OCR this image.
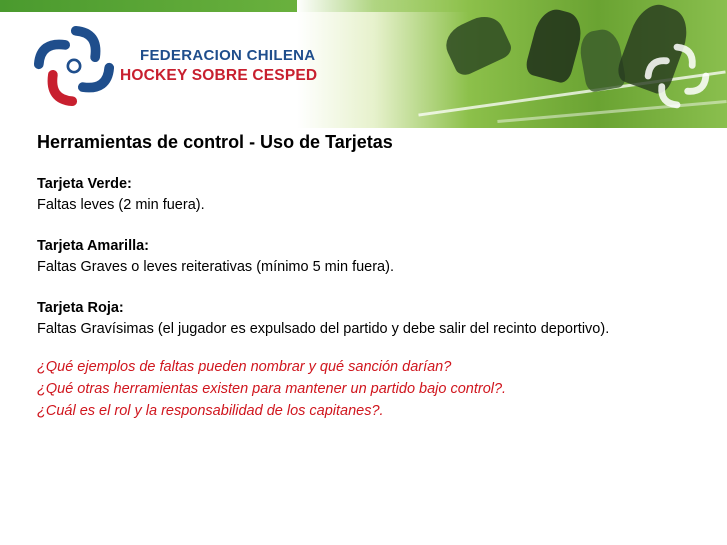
FEDERACION CHILENA
HOCKEY SOBRE CESPED
Herramientas de control - Uso de Tarjetas
Tarjeta Verde:
Faltas leves (2 min fuera).
Tarjeta Amarilla:
Faltas Graves o leves reiterativas (mínimo 5 min fuera).
Tarjeta Roja:
Faltas Gravísimas (el jugador es expulsado del partido y debe salir del recinto deportivo).
¿Qué ejemplos de faltas pueden nombrar y qué sanción darían?
¿Qué otras herramientas existen para mantener un partido bajo control?.
¿Cuál es el rol y la responsabilidad de los capitanes?.
